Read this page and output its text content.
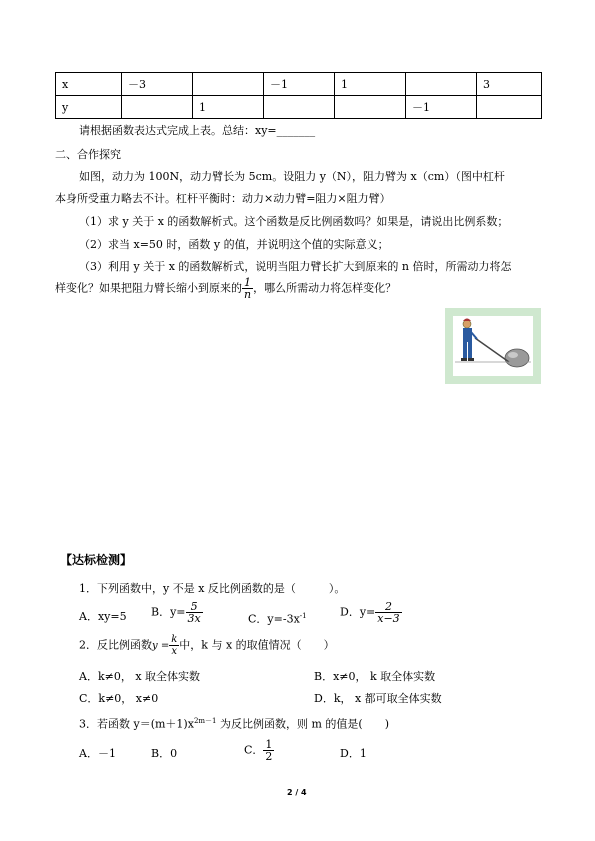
x	－3		－1	1		3
y		1			－1	
请根据函数表达式完成上表。总结：xy=_______
二、合作探究
如图，动力为 100N，动力臂长为 5cm。设阻力 y（N），阻力臂为 x（cm）（图中杠杆
本身所受重力略去不计。杠杆平衡时：动力×动力臂=阻力×阻力臂）
（1）求 y 关于 x 的函数解析式。这个函数是反比例函数吗？如果是，请说出比例系数；
（2）求当 x=50 时，函数 y 的值，并说明这个值的实际意义；
（3）利用 y 关于 x 的函数解析式，说明当阻力臂长扩大到原来的 n 倍时，所需动力将怎
样变化？如果把阻力臂长缩小到原来的 $\frac{1}{n}$ ，哪么所需动力将怎样变化？
【达标检测】
1．下列函数中，y 不是 x 反比例函数的是（　　　）。
A．xy=5 B．$y= \frac{5}{3x}$	C．$y=-3x^{-1}$	D．$y= \frac{2}{x-3}$
2．反比例函数$y = \frac{k}{x}$ 中，k 与 x 的取值情况（　　）
A．k≠0， x 取全体实数	B．x≠0， k 取全体实数
C．k≠0， x≠0	D．k， x 都可取全体实数
3．若函数 $y=(m+1)x^{2m-1}$ 为反比例函数，则 m 的值是(　　)
A．－1	B．0	C． $\frac{1}{2}$	D．1
2 / 4
